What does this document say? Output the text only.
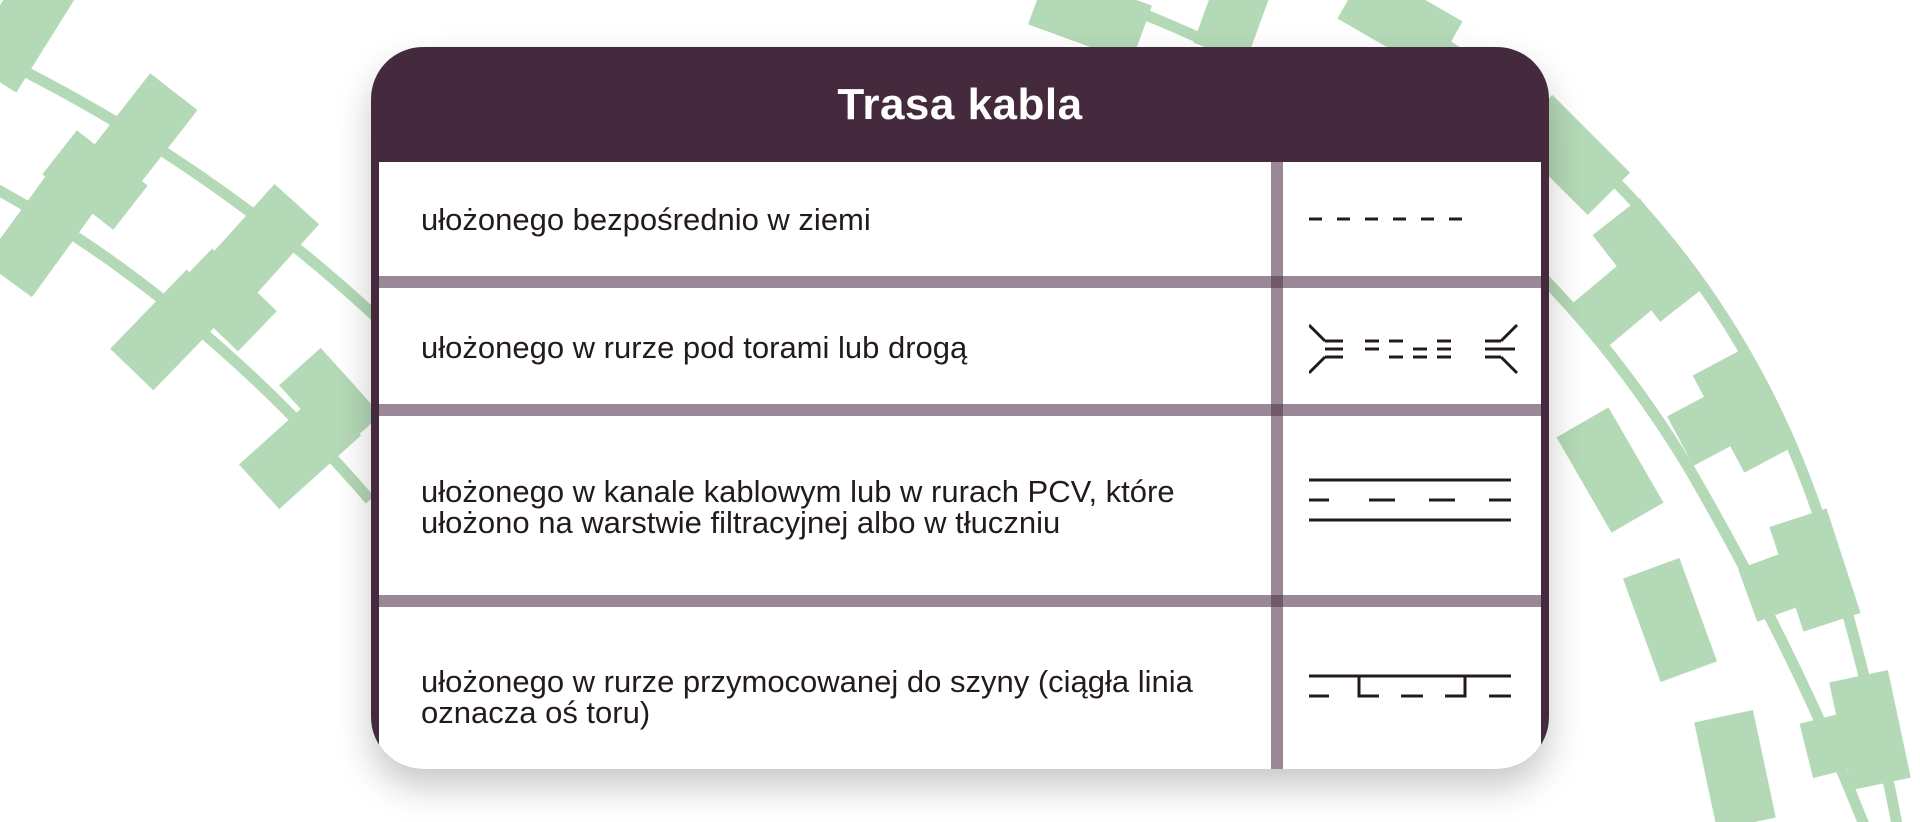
Trasa kabla
ułożonego bezpośrednio w ziemi
ułożonego w rurze pod torami lub drogą
ułożonego w kanale kablowym lub w rurach PCV, które ułożono na warstwie filtracyjnej albo w tłuczniu
ułożonego w rurze przymocowanej do szyny (ciągła linia oznacza oś toru)
